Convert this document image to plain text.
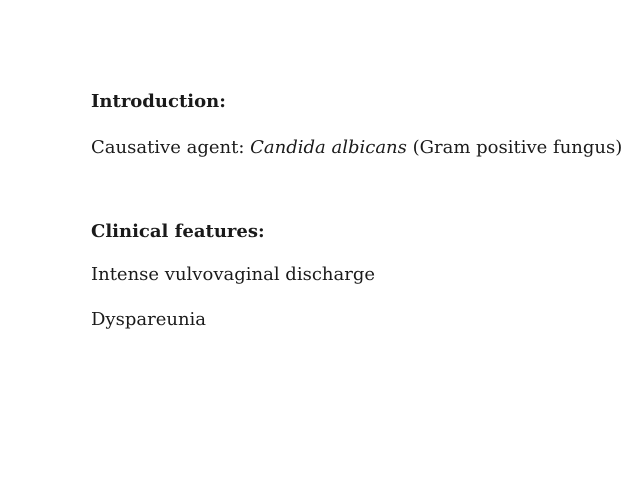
Introduction:
Causative agent: Candida albicans (Gram positive fungus)
Clinical features:
Intense vulvovaginal discharge
Dyspareunia
